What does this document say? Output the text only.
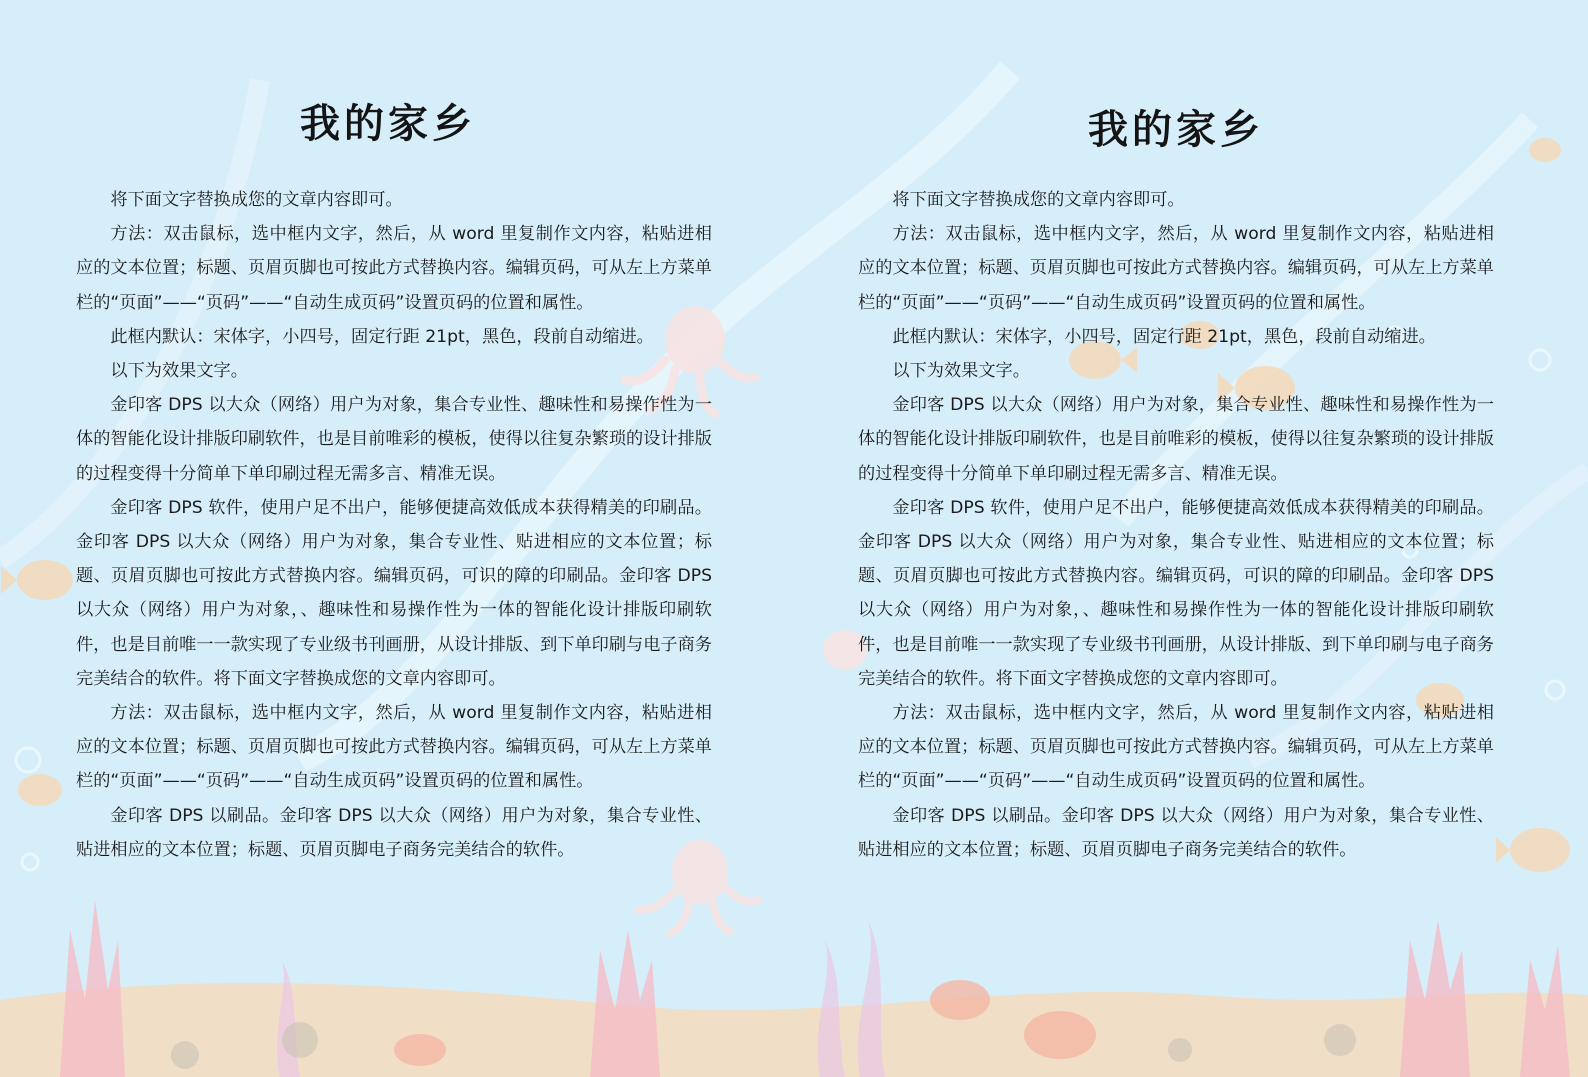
我的家乡

将下面文字替换成您的文章内容即可。

方法：双击鼠标，选中框内文字，然后，从 word 里复制作文内容，粘贴进相应的文本位置；标题、页眉页脚也可按此方式替换内容。编辑页码，可从左上方菜单栏的“页面”——“页码”——“自动生成页码”设置页码的位置和属性。

此框内默认：宋体字，小四号，固定行距 21pt，黑色，段前自动缩进。

以下为效果文字。

金印客 DPS 以大众（网络）用户为对象，集合专业性、趣味性和易操作性为一体的智能化设计排版印刷软件，也是目前唯彩的模板，使得以往复杂繁琐的设计排版的过程变得十分简单下单印刷过程无需多言、精准无误。

金印客 DPS 软件，使用户足不出户，能够便捷高效低成本获得精美的印刷品。金印客 DPS 以大众（网络）用户为对象，集合专业性、贴进相应的文本位置；标题、页眉页脚也可按此方式替换内容。编辑页码，可识的障的印刷品。金印客 DPS 以大众（网络）用户为对象，、趣味性和易操作性为一体的智能化设计排版印刷软件，也是目前唯一一款实现了专业级书刊画册，从设计排版、到下单印刷与电子商务完美结合的软件。将下面文字替换成您的文章内容即可。

方法：双击鼠标，选中框内文字，然后，从 word 里复制作文内容，粘贴进相应的文本位置；标题、页眉页脚也可按此方式替换内容。编辑页码，可从左上方菜单栏的“页面”——“页码”——“自动生成页码”设置页码的位置和属性。

金印客 DPS 以刷品。金印客 DPS 以大众（网络）用户为对象，集合专业性、贴进相应的文本位置；标题、页眉页脚电子商务完美结合的软件。

我的家乡

将下面文字替换成您的文章内容即可。

方法：双击鼠标，选中框内文字，然后，从 word 里复制作文内容，粘贴进相应的文本位置；标题、页眉页脚也可按此方式替换内容。编辑页码，可从左上方菜单栏的“页面”——“页码”——“自动生成页码”设置页码的位置和属性。

此框内默认：宋体字，小四号，固定行距 21pt，黑色，段前自动缩进。

以下为效果文字。

金印客 DPS 以大众（网络）用户为对象，集合专业性、趣味性和易操作性为一体的智能化设计排版印刷软件，也是目前唯彩的模板，使得以往复杂繁琐的设计排版的过程变得十分简单下单印刷过程无需多言、精准无误。

金印客 DPS 软件，使用户足不出户，能够便捷高效低成本获得精美的印刷品。金印客 DPS 以大众（网络）用户为对象，集合专业性、贴进相应的文本位置；标题、页眉页脚也可按此方式替换内容。编辑页码，可识的障的印刷品。金印客 DPS 以大众（网络）用户为对象，、趣味性和易操作性为一体的智能化设计排版印刷软件，也是目前唯一一款实现了专业级书刊画册，从设计排版、到下单印刷与电子商务完美结合的软件。将下面文字替换成您的文章内容即可。

方法：双击鼠标，选中框内文字，然后，从 word 里复制作文内容，粘贴进相应的文本位置；标题、页眉页脚也可按此方式替换内容。编辑页码，可从左上方菜单栏的“页面”——“页码”——“自动生成页码”设置页码的位置和属性。

金印客 DPS 以刷品。金印客 DPS 以大众（网络）用户为对象，集合专业性、贴进相应的文本位置；标题、页眉页脚电子商务完美结合的软件。
